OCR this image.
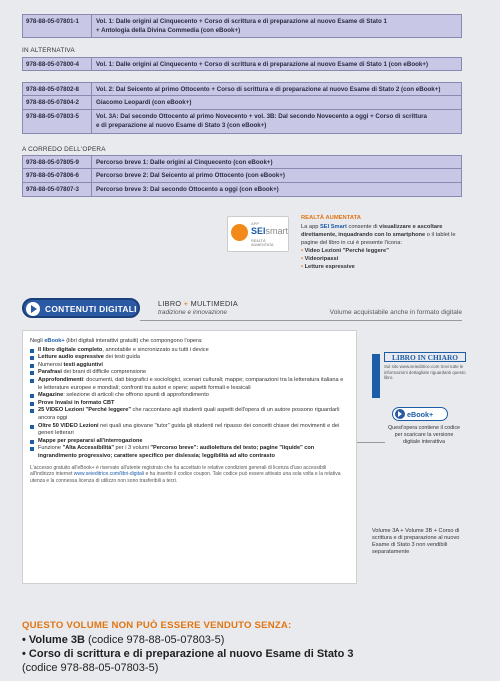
978-88-05-07801-1	Vol. 1: Dalle origini al Cinquecento + Corso di scrittura e di preparazione al nuovo Esame di Stato 1
+ Antologia della Divina Commedia (con eBook+)
IN ALTERNATIVA
978-88-05-07800-4	Vol. 1: Dalle origini al Cinquecento + Corso di scrittura e di preparazione al nuovo Esame di Stato 1 (con eBook+)
978-88-05-07802-8	Vol. 2: Dal Seicento al primo Ottocento + Corso di scrittura e di preparazione al nuovo Esame di Stato 2 (con eBook+)
978-88-05-07804-2	Giacomo Leopardi (con eBook+)
978-88-05-07803-5	Vol. 3A: Dal secondo Ottocento al primo Novecento + vol. 3B: Dal secondo Novecento a oggi + Corso di scrittura
e di preparazione al nuovo Esame di Stato 3 (con eBook+)
A CORREDO DELL'OPERA
978-88-05-07805-9	Percorso breve 1: Dalle origini al Cinquecento (con eBook+)
978-88-05-07806-6	Percorso breve 2: Dal Seicento al primo Ottocento (con eBook+)
978-88-05-07807-3	Percorso breve 3: Dal secondo Ottocento a oggi (con eBook+)
APP
SEIsmart
REALTÀ AUMENTATA
REALTÀ AUMENTATA
La app SEI Smart consente di visualizzare e ascoltare direttamente, inquadrando con lo smartphone o il tablet le pagine del libro in cui è presente l'icona:
• Video Lezioni "Perché leggere"
• Videoripassi
• Letture espressive
CONTENUTI DIGITALI
LIBRO + MULTIMEDIA
tradizione e innovazione	Volume acquistabile anche in formato digitale
Negli eBook+ (libri digitali interattivi gratuiti) che compongono l'opera:
Il libro digitale completo, annotabile e sincronizzato su tutti i device
Letture audio espressive dei testi guida
Numerosi testi aggiuntivi
Parafrasi dei brani di difficile comprensione
Approfondimenti: documenti, dati biografici e sociologici, scenari culturali; mappe; comparazioni tra la letteratura italiana e le letterature europee e mondiali; confronti tra autori e opere; aspetti formali e lessicali
Magazine: selezione di articoli che offrono spunti di approfondimento
Prove Invalsi in formato CBT
25 VIDEO Lezioni "Perché leggere" che raccontano agli studenti quali aspetti dell'opera di un autore possono riguardarli ancora oggi
Oltre 50 VIDEO Lezioni nei quali una giovane "tutor" guida gli studenti nel ripasso dei concetti chiave dei movimenti e dei generi letterari
Mappe per prepararsi all'interrogazione
Funzione "Alta Accessibilità" per i 3 volumi "Percorso breve": audiolettura del testo; pagine "liquide" con ingrandimento progressivo; carattere specifico per dislessia; leggibilità ad alto contrasto
L'accesso gratuito all'eBook+ è riservato all'utente registrato che ha accettato le relative condizioni generali di licenza d'uso accessibili all'indirizzo internet www.seieditrice.com/libri-digitali e ha inserito il codice coupon. Tale codice può essere attivato una sola volta e la relativa utenza e la connessa licenza di utilizzo non sono trasferibili a terzi.
LIBRO IN CHIARO
Sul sito www.seieditrice.com trovi tutte le informazioni dettagliate riguardanti questo libro.
eBook+
Quest'opera contiene il codice per scaricare la versione digitale interattiva
Volume 3A + Volume 3B + Corso di scrittura e di preparazione al nuovo Esame di Stato 3 non vendibili separatamente
QUESTO VOLUME NON PUÒ ESSERE VENDUTO SENZA:
• Volume 3B (codice 978-88-05-07803-5)
• Corso di scrittura e di preparazione al nuovo Esame di Stato 3
(codice 978-88-05-07803-5)
